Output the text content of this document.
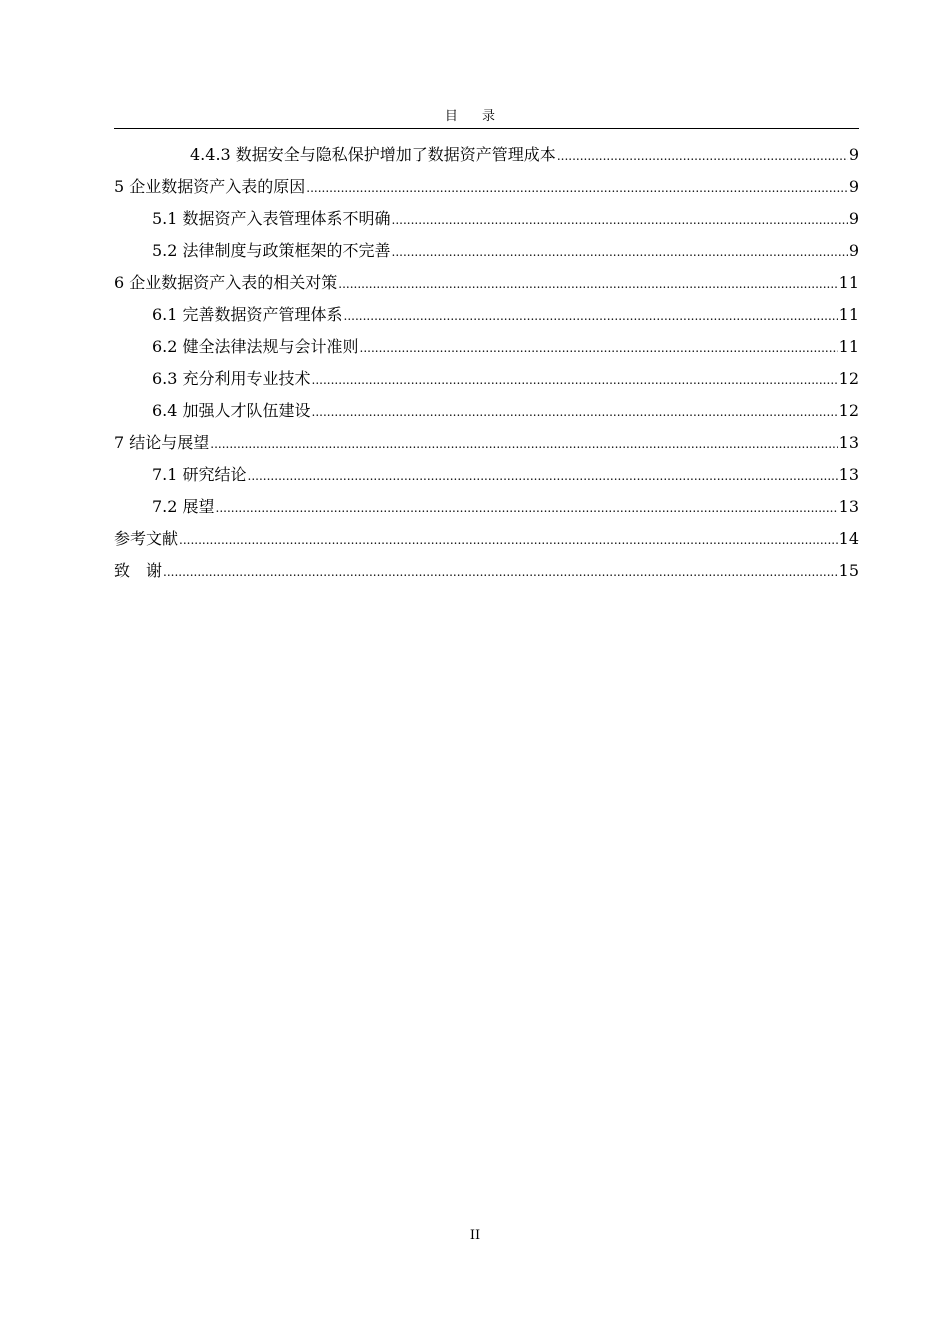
目 录
4.4.3 数据安全与隐私保护增加了数据资产管理成本 .....	9
5 企业数据资产入表的原因 .....	9
5.1 数据资产入表管理体系不明确 .....	9
5.2 法律制度与政策框架的不完善 .....	9
6 企业数据资产入表的相关对策 .....	11
6.1 完善数据资产管理体系 .....	11
6.2 健全法律法规与会计准则 .....	11
6.3 充分利用专业技术 .....	12
6.4 加强人才队伍建设 .....	12
7 结论与展望 .....	13
7.1 研究结论 .....	13
7.2 展望 .....	13
参考文献 .....	14
致　谢 .....	15
II
